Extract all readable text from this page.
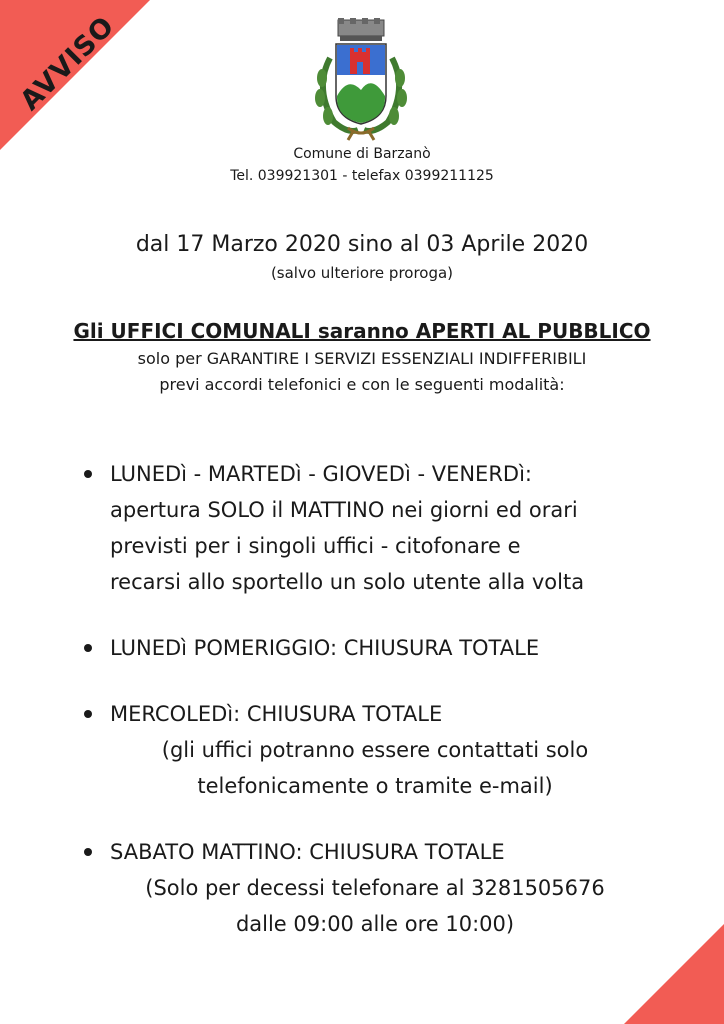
AVVISO
Comune di Barzanò
Tel. 039921301 - telefax 0399211125
dal 17 Marzo 2020 sino al 03 Aprile 2020
(salvo ulteriore proroga)
Gli UFFICI COMUNALI saranno APERTI AL PUBBLICO
solo per GARANTIRE I SERVIZI ESSENZIALI INDIFFERIBILI
previ accordi telefonici e con le seguenti modalità:
LUNEDì - MARTEDì - GIOVEDì - VENERDì:
apertura SOLO il MATTINO nei giorni ed orari
previsti per i singoli uffici - citofonare e
recarsi allo sportello un solo utente alla volta
LUNEDì POMERIGGIO: CHIUSURA TOTALE
MERCOLEDì: CHIUSURA TOTALE
(gli uffici potranno essere contattati solo
telefonicamente o tramite e-mail)
SABATO MATTINO: CHIUSURA TOTALE
(Solo per decessi telefonare al 3281505676
dalle 09:00 alle ore 10:00)
